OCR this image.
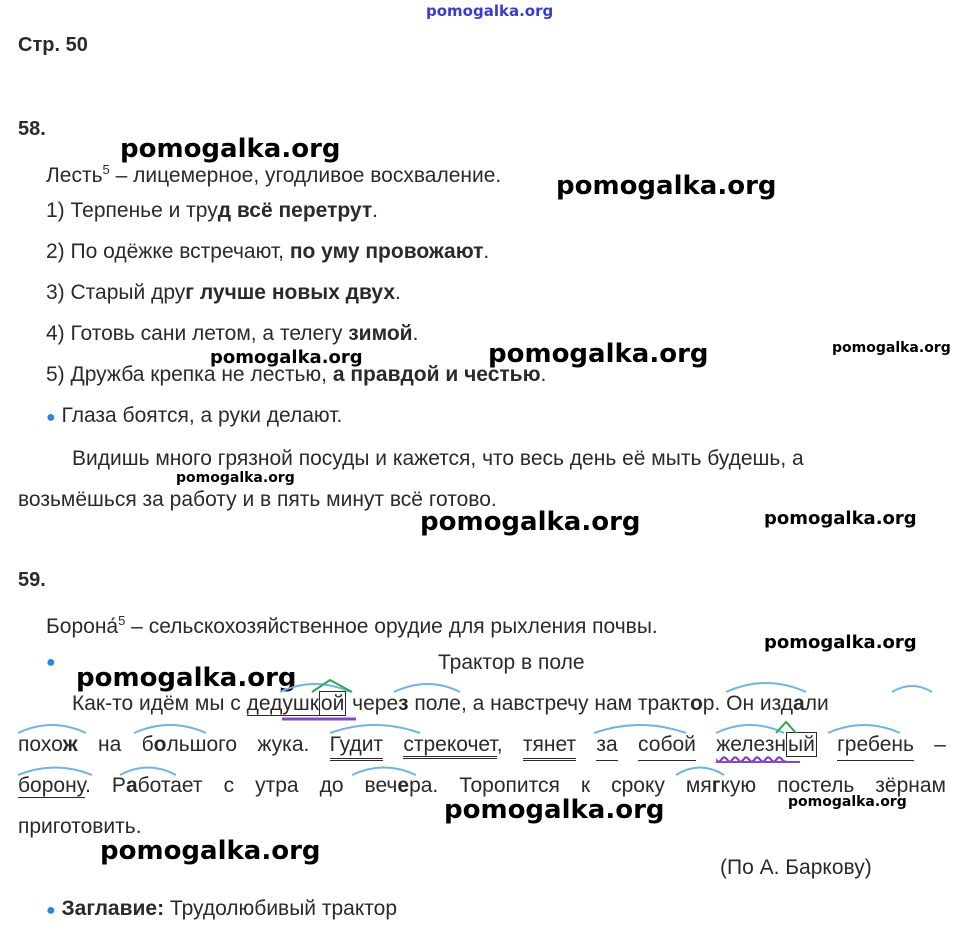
pomogalka.org
pomogalka.org
pomogalka.org
pomogalka.org
pomogalka.org	pomogalka.org
pomogalka.org
pomogalka.org	pomogalka.org
pomogalka.org
pomogalka.org
pomogalka.org
pomogalka.org
pomogalka.org
Стр. 50
58.
Лесть$^5$ – лицемерное, угодливое восхваление.
1) Терпенье и труд всё перетрут.
2) По одёжке встречают, по уму провожают.
3) Старый друг лучше новых двух.
4) Готовь сани летом, а телегу зимой.
5) Дружба крепка не лестью, а правдой и честью.
● Глаза боятся, а руки делают.
Видишь много грязной посуды и кажется, что весь день её мыть будешь, а
возьмёшься за работу и в пять минут всё готово.
59.
Борона́$^5$ – сельскохозяйственное орудие для рыхления почвы.
●	Трактор в поле
Как-то идём мы с дедушкой через поле, а навстречу нам трактор. Он издали
похож на большого жука. Гудит стрекочет, тянет за собой железный гребень –
борону. Работает с утра до вечера. Торопится к сроку мягкую постель зёрнам
приготовить.
(По А. Баркову)
● Заглавие: Трудолюбивый трактор
